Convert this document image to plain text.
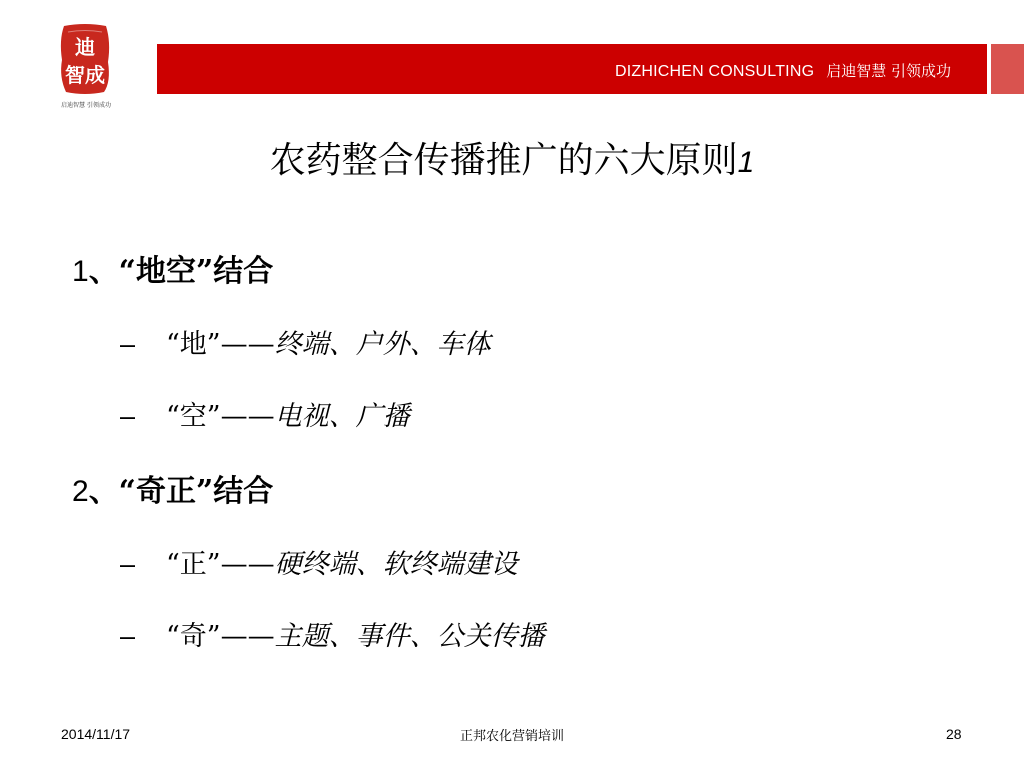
迪
智成
启迪智慧 引领成功
DIZHICHEN CONSULTING 启迪智慧 引领成功
农药整合传播推广的六大原则1
1、“地空”结合
– “地”——终端、户外、车体
– “空”——电视、广播
2、“奇正”结合
– “正”——硬终端、软终端建设
– “奇”——主题、事件、公关传播
2014/11/17	正邦农化营销培训	28
